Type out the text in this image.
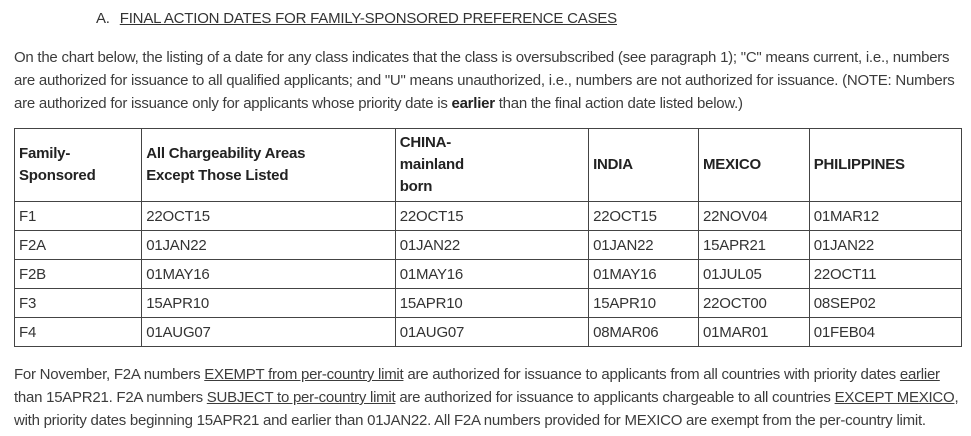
A. FINAL ACTION DATES FOR FAMILY-SPONSORED PREFERENCE CASES

On the chart below, the listing of a date for any class indicates that the class is oversubscribed (see paragraph 1); "C" means current, i.e., numbers are authorized for issuance to all qualified applicants; and "U" means unauthorized, i.e., numbers are not authorized for issuance. (NOTE: Numbers are authorized for issuance only for applicants whose priority date is earlier than the final action date listed below.)

Family-Sponsored	All Chargeability Areas Except Those Listed	CHINA-mainland born	INDIA	MEXICO	PHILIPPINES
F1	22OCT15	22OCT15	22OCT15	22NOV04	01MAR12
F2A	01JAN22	01JAN22	01JAN22	15APR21	01JAN22
F2B	01MAY16	01MAY16	01MAY16	01JUL05	22OCT11
F3	15APR10	15APR10	15APR10	22OCT00	08SEP02
F4	01AUG07	01AUG07	08MAR06	01MAR01	01FEB04

For November, F2A numbers EXEMPT from per-country limit are authorized for issuance to applicants from all countries with priority dates earlier than 15APR21. F2A numbers SUBJECT to per-country limit are authorized for issuance to applicants chargeable to all countries EXCEPT MEXICO, with priority dates beginning 15APR21 and earlier than 01JAN22. All F2A numbers provided for MEXICO are exempt from the per-country limit.
